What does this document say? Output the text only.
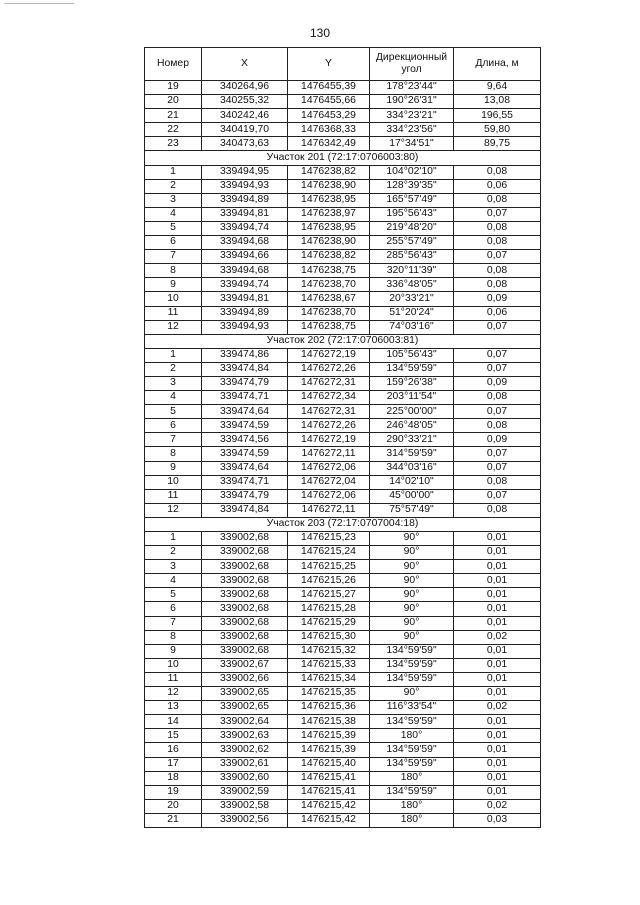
130
Номер	X	Y	Дирекционный угол	Длина, м
19	340264,96	1476455,39	178°23'44"	9,64
20	340255,32	1476455,66	190°26'31"	13,08
21	340242,46	1476453,29	334°23'21"	196,55
22	340419,70	1476368,33	334°23'56"	59,80
23	340473,63	1476342,49	17°34'51"	89,75
Участок 201 (72:17:0706003:80)				
1	339494,95	1476238,82	104°02'10"	0,08
2	339494,93	1476238,90	128°39'35"	0,06
3	339494,89	1476238,95	165°57'49"	0,08
4	339494,81	1476238,97	195°56'43"	0,07
5	339494,74	1476238,95	219°48'20"	0,08
6	339494,68	1476238,90	255°57'49"	0,08
7	339494,66	1476238,82	285°56'43"	0,07
8	339494,68	1476238,75	320°11'39"	0,08
9	339494,74	1476238,70	336°48'05"	0,08
10	339494,81	1476238,67	20°33'21"	0,09
11	339494,89	1476238,70	51°20'24"	0,06
12	339494,93	1476238,75	74°03'16"	0,07
Участок 202 (72:17:0706003:81)				
1	339474,86	1476272,19	105°56'43"	0,07
2	339474,84	1476272,26	134°59'59"	0,07
3	339474,79	1476272,31	159°26'38"	0,09
4	339474,71	1476272,34	203°11'54"	0,08
5	339474,64	1476272,31	225°00'00"	0,07
6	339474,59	1476272,26	246°48'05"	0,08
7	339474,56	1476272,19	290°33'21"	0,09
8	339474,59	1476272,11	314°59'59"	0,07
9	339474,64	1476272,06	344°03'16"	0,07
10	339474,71	1476272,04	14°02'10"	0,08
11	339474,79	1476272,06	45°00'00"	0,07
12	339474,84	1476272,11	75°57'49"	0,08
Участок 203 (72:17:0707004:18)				
1	339002,68	1476215,23	90°	0,01
2	339002,68	1476215,24	90°	0,01
3	339002,68	1476215,25	90°	0,01
4	339002,68	1476215,26	90°	0,01
5	339002,68	1476215,27	90°	0,01
6	339002,68	1476215,28	90°	0,01
7	339002,68	1476215,29	90°	0,01
8	339002,68	1476215,30	90°	0,02
9	339002,68	1476215,32	134°59'59"	0,01
10	339002,67	1476215,33	134°59'59"	0,01
11	339002,66	1476215,34	134°59'59"	0,01
12	339002,65	1476215,35	90°	0,01
13	339002,65	1476215,36	116°33'54"	0,02
14	339002,64	1476215,38	134°59'59"	0,01
15	339002,63	1476215,39	180°	0,01
16	339002,62	1476215,39	134°59'59"	0,01
17	339002,61	1476215,40	134°59'59"	0,01
18	339002,60	1476215,41	180°	0,01
19	339002,59	1476215,41	134°59'59"	0,01
20	339002,58	1476215,42	180°	0,02
21	339002,56	1476215,42	180°	0,03
